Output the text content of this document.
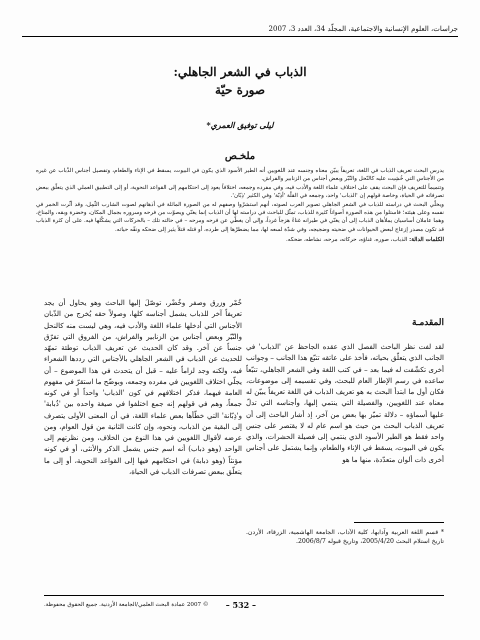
جراسات، العلوم الإنسانية والاجتماعية، المجلّد 34، العدد 3، 2007
الذباب في الشعر الجاهلي:
صورة حيّة
ليلى توفيق العمري*
ملخـص

يدرس البحث تعريف الذباب في اللغة، تعريفاً يبيّن معناه وجنسه عند اللغويين أنه الطير الأسود الذي يكون في البيوت، يسقط في الإناء والطعام، وتفصيل أجناس الذّباب عن غيره من الأجناس التي خُشِيت عليه كالنّحل والنّبّر وبعض أجناس من الزنابير والفراش.

وتتميماً للتعريف فإن البحث يقف على اختلاف علماء اللغة والأدب فيه، وفي مفرده وجمعه، اختلافاً يعود إلى احتكامهم إلى القواعد النحوية، أو إلى التطبيق العملي الذي يتعلّق ببعض تصرفاته في الحياة، وخاصة قولهم إن 'الذباب' واحد، وجمعه في القلّة 'أذِبّة' وفي الكثير 'ذِبّان'.

ويخلّي البحث في دراسته للذباب في الشعر الجاهلي تصوير العرب لصوته، أنهم استشرّوا وصفهم له من الصورة الماثلة في أذهانهم لصوت الشارب الثّمِل، وقد أثّرت الخمر في نفسه وعلى هيئته؛ فاستلوا من هذه الصورة أصواتاً كثيرة للذباب، تمثّل للباحث في دراسته لها أن الذباب إنما يغنّي ويصوّت من فرحه وسروره بجمال المكان، وخضرة وبقه، والمناخ، وهما عاملان أساسيان يملأهان الذباب إلى أن يغنّي في طيرانه غناءً هزجاً غرداً، وإلى أن يغطّي عن فرحه ومرحه – في حالته تلك – بالحركات التي يشكّلها فيه. على أن كثرة الذباب قد تكون مصدر إزعاج لبعض الحيوانات في ضحيته وضجيجه، وفي شدّة لسعه لها، مما يضطرّها إلى طرده، أو قتله قتلاً يثير إلى ضحكه ونقّه حياته.

الكلمات الدالة: الذباب، صوره، غناؤه، حركاته، مرحه، نشاطه، ضحكه.
المقدمـة

لقد لفت نظر الباحث الفصل الذي عقده الجاحظ عن 'الذباب' في الجانب الذي يتعلّق بحياته، فأخذ على عاتقه تتبّع هذا الجانب – وجوانب أخرى تكشّفت له فيما بعد – في كتب اللغة وفي الشعر الجاهلي، تتبّعاً ساعده في رسم الإطار العام للبحث، وفي تقسيمه إلى موضوعات، فكان أول ما ابتدأ البحث به هو تعريف الذباب في اللغة تعريفاً يبيّن له معناه عند اللغويين، والفصيلة التي ينتمي إليها، وأجناسه التي تدلّ عليها أسماؤه – دلالة تميّز بها بعض من آخر، إذ أشار الباحث إلى أن تعريف الذباب البحث من حيث هو اسم عام له لا يقتصر على جنس واحد فقط هو الطير الأسود الذي ينتمي إلى فصيلة الحشرات، والذي يكون في البيوت، يسقط في الإناء والطعام، وإنما يشتمل على أجناس أخرى ذات ألوان متعدّدة، منها ما هو

خُمْر وزرق وصفر وخُضْر، توصّلَ إليها الباحث وهو يحاول أن يجد تعريفاً آخر للذباب يشمل أجناسه كلها، وصولاً حقه يُخرج من الذّبان الأجناس التي أدخلها علماء اللغة والأدب فيه، وهي ليست منه كالنحل والنّبّر وبعض أجناس من الزنابير والفراش، من الفروق التي تفرّق جنساً عن آخر. وقد كان الحديث عن تعريف الذباب توطئة تمهّد للحديث عن الذباب في الشعر الجاهلي بالأجناس التي رددها الشعراء فيه، ولكنه وجد لزاماً عليه – قبل أن يتحدث في هذا الموضوع – أن يجلّي اختلاف اللغويين في مفرده وجمعه، وبوضّح ما استقرّ في مفهوم العامة فيهما، فذكر اختلافهم في كون 'الذباب' واحداً أو في كونه جمعاً، وهم في قولهم إنه جمع اختلفوا في صيغة واحده بين 'ذُبابة' و'ذِبّانة' التي خطّأها بعض علماء اللغة، في أن المعنى الأولى يتصرف إلى البقية من الذباب، ونحوه، وإن كانت الثانية من قول العوام، ومن عرضه لأقوال اللغويين في هذا النوع من الخلاف، ومن نظرتهم إلى الواحد (وهو ذباب) أنه اسم جنس يشمل الذكر والأنثى، أو في كونه مؤنثاً (وهو ذبابة) في احتكامهم فيها إلى القواعد النحوية، أو إلى ما يتعلّق ببعض تصرفات الذباب في الحياة،

* قسم اللغة العربية وآدابها، كلية الآداب، الجامعة الهاشمية، الزرقاء، الأردن. تاريخ استلام البحث 2005/4/20، وتاريخ قبوله 2006/8/7.
– 532 –
© 2007 عمادة البحث العلمي/الجامعة الأردنية. جميع الحقوق محفوظة.
